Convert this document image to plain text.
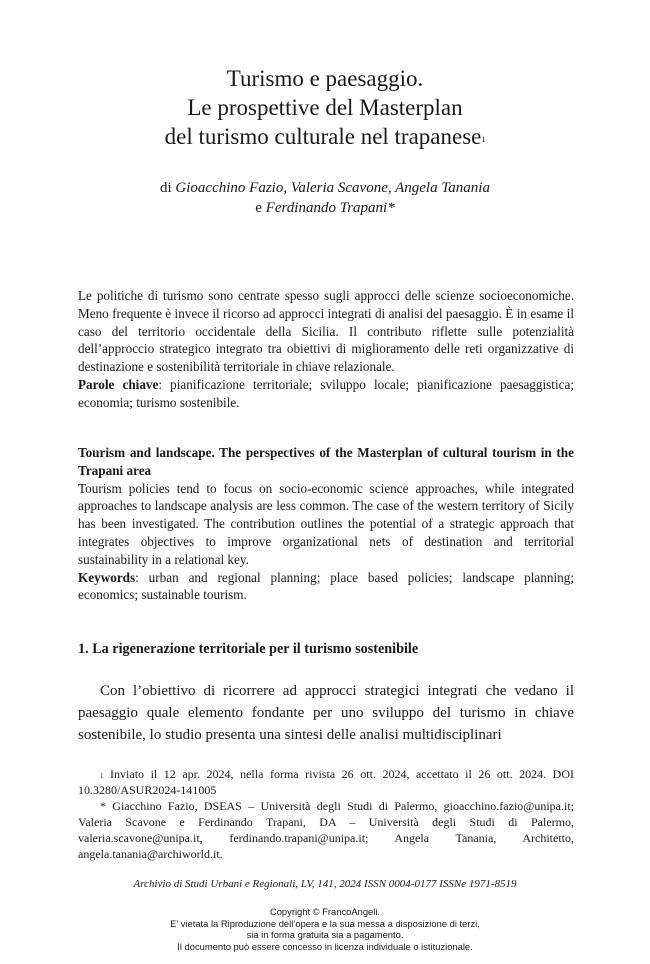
Turismo e paesaggio.
Le prospettive del Masterplan
del turismo culturale nel trapanese$^1$
di Gioacchino Fazio, Valeria Scavone, Angela Tanania
e Ferdinando Trapani*
Le politiche di turismo sono centrate spesso sugli approcci delle scienze socioeconomiche. Meno frequente è invece il ricorso ad approcci integrati di analisi del paesaggio. È in esame il caso del territorio occidentale della Sicilia. Il contributo riflette sulle potenzialità dell’approccio strategico integrato tra obiettivi di miglioramento delle reti organizzative di destinazione e sostenibilità territoriale in chiave relazionale.
Parole chiave: pianificazione territoriale; sviluppo locale; pianificazione paesaggistica; economia; turismo sostenibile.
Tourism and landscape. The perspectives of the Masterplan of cultural tourism in the Trapani area
Tourism policies tend to focus on socio-economic science approaches, while integrated approaches to landscape analysis are less common. The case of the western territory of Sicily has been investigated. The contribution outlines the potential of a strategic approach that integrates objectives to improve organizational nets of destination and territorial sustainability in a relational key.
Keywords: urban and regional planning; place based policies; landscape planning; economics; sustainable tourism.
1. La rigenerazione territoriale per il turismo sostenibile
Con l’obiettivo di ricorrere ad approcci strategici integrati che vedano il paesaggio quale elemento fondante per uno sviluppo del turismo in chiave sostenibile, lo studio presenta una sintesi delle analisi multidisciplinari

$^1$ Inviato il 12 apr. 2024, nella forma rivista 26 ott. 2024, accettato il 26 ott. 2024. DOI 10.3280/ASUR2024-141005

* Giacchino Fazio, DSEAS – Università degli Studi di Palermo, gioacchino.fazio@unipa.it; Valeria Scavone e Ferdinando Trapani, DA – Università degli Studi di Palermo, valeria.scavone@unipa.it, ferdinando.trapani@unipa.it; Angela Tanania, Architetto, angela.tanania@archiworld.it.

Archivio di Studi Urbani e Regionali, LV, 141, 2024 ISSN 0004-0177 ISSNe 1971-8519
Copyright © FrancoAngeli.
E’ vietata la Riproduzione dell’opera e la sua messa a disposizione di terzi,
sia in forma gratuita sia a pagamento.
Il documento può essere concesso in licenza individuale o istituzionale.
